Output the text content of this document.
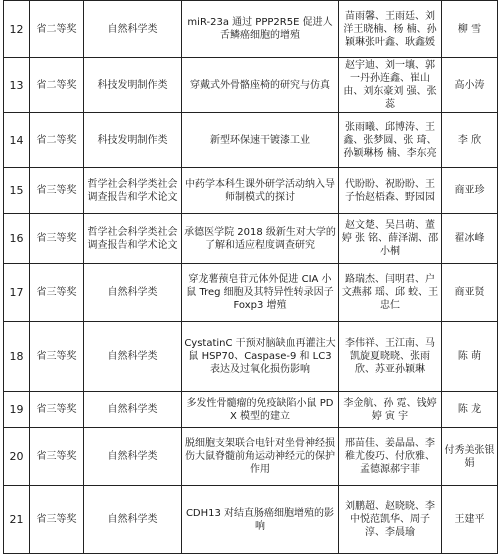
12	省二等奖	自然科学类	miR-23a 通过 PPP2R5E 促进人舌鳞癌细胞的增殖	苗雨馨、王雨廷、刘洋王晓楠、杨 楠、孙颖琳张叶鑫、耿鑫媛	柳 雪
13	省二等奖	科技发明制作类	穿戴式外骨骼座椅的研究与仿真	赵宇迪、刘一壤、郭一丹孙连鑫、崔山由、刘东豪刘 强、张 蕊	高小涛
14	省二等奖	科技发明制作类	新型环保速干镀漆工业	张雨曦、邱博涛、王鑫、张梦圆、张 琦、孙颖琳杨 楠、李东亮	李 欣
15	省三等奖	哲学社会科学类社会调查报告和学术论文	中药学本科生课外研学活动纳入导师制模式的探讨	代盼盼、祝盼盼、王子怡赵梧森、野园园	商亚珍
16	省三等奖	哲学社会科学类社会调查报告和学术论文	承德医学院 2018 级新生对大学的了解和适应程度调查研究	赵文楚、吴吕萌、董婷 张 铭、薛泽湖、邵小桐	翟冰峰
17	省三等奖	自然科学类	穿龙薯蓣皂苷元体外促进 CIA 小鼠 Treg 细胞及其特异性转录因子 Foxp3 增殖	路瑞杰、闫明君、户文燕郝 瑶、邱 蛟、王 忠仁	商亚贤
18	省三等奖	自然科学类	CystatinC 干预对脑缺血再灌注大鼠 HSP70、Caspase-9 和 LC3 表达及过氧化损伤影响	李伟祥、王江南、马凯旋夏晓晓、张雨欣、苏亚孙颖琳	陈 萌
19	省三等奖	自然科学类	多发性骨髓瘤的免疫缺陷小鼠 PDX 模型的建立	李金航、孙 霓、钱婷婷 寅 宇	陈 龙
20	省三等奖	自然科学类	脱细胞支架联合电针对坐骨神经损伤大鼠脊髓前角运动神经元的保护作用	邢苗佳、姜晶晶、李 稚尤俊巧、付欣雅、孟德源郝宇菲	付秀美张银娟
21	省三等奖	自然科学类	CDH13 对结直肠癌细胞增殖的影响	刘鹏超、赵晓晓、李中悦范凯华、周子淳、李晨瑜	王建平
